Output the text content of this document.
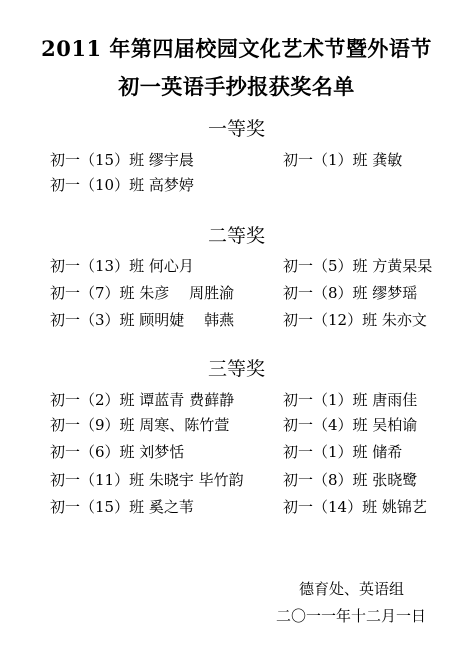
2011 年第四届校园文化艺术节暨外语节
初一英语手抄报获奖名单
一等奖
初一（15）班 缪宇晨	初一（1）班 龚敏
初一（10）班 高梦婷
二等奖
初一（13）班 何心月	初一（5）班 方黄杲杲
初一（7）班 朱彦　 周胜渝	初一（8）班 缪梦瑶
初一（3）班 顾明婕　 韩燕	初一（12）班 朱亦文
三等奖
初一（2）班 谭蓝青 费藓静	初一（1）班 唐雨佳
初一（9）班 周寒、陈竹萱	初一（4）班 吴柏谕
初一（6）班 刘梦恬	初一（1）班 储希
初一（11）班 朱晓宇 毕竹韵	初一（8）班 张晓鹭
初一（15）班 奚之苇	初一（14）班 姚锦艺
德育处、英语组
二〇一一年十二月一日
